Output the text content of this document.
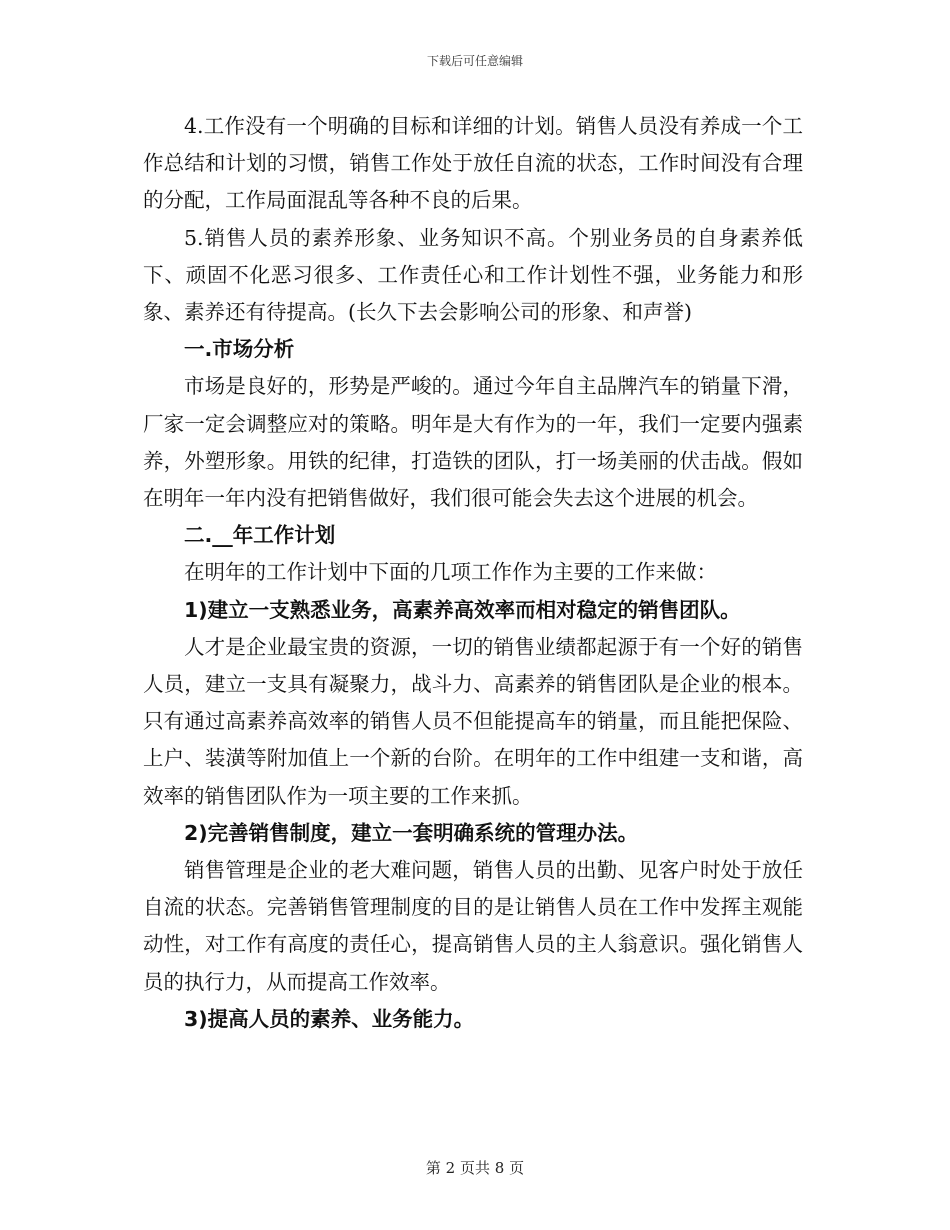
下载后可任意编辑

4.工作没有一个明确的目标和详细的计划。销售人员没有养成一个工作总结和计划的习惯，销售工作处于放任自流的状态，工作时间没有合理的分配，工作局面混乱等各种不良的后果。

5.销售人员的素养形象、业务知识不高。个别业务员的自身素养低下、顽固不化恶习很多、工作责任心和工作计划性不强，业务能力和形象、素养还有待提高。(长久下去会影响公司的形象、和声誉)

一.市场分析

市场是良好的，形势是严峻的。通过今年自主品牌汽车的销量下滑，厂家一定会调整应对的策略。明年是大有作为的一年，我们一定要内强素养，外塑形象。用铁的纪律，打造铁的团队，打一场美丽的伏击战。假如在明年一年内没有把销售做好，我们很可能会失去这个进展的机会。

二.__年工作计划

在明年的工作计划中下面的几项工作作为主要的工作来做：

1)建立一支熟悉业务，高素养高效率而相对稳定的销售团队。

人才是企业最宝贵的资源，一切的销售业绩都起源于有一个好的销售人员，建立一支具有凝聚力，战斗力、高素养的销售团队是企业的根本。只有通过高素养高效率的销售人员不但能提高车的销量，而且能把保险、上户、装潢等附加值上一个新的台阶。在明年的工作中组建一支和谐，高效率的销售团队作为一项主要的工作来抓。

2)完善销售制度，建立一套明确系统的管理办法。

销售管理是企业的老大难问题，销售人员的出勤、见客户时处于放任自流的状态。完善销售管理制度的目的是让销售人员在工作中发挥主观能动性，对工作有高度的责任心，提高销售人员的主人翁意识。强化销售人员的执行力，从而提高工作效率。

3)提高人员的素养、业务能力。

第 2 页共 8 页
